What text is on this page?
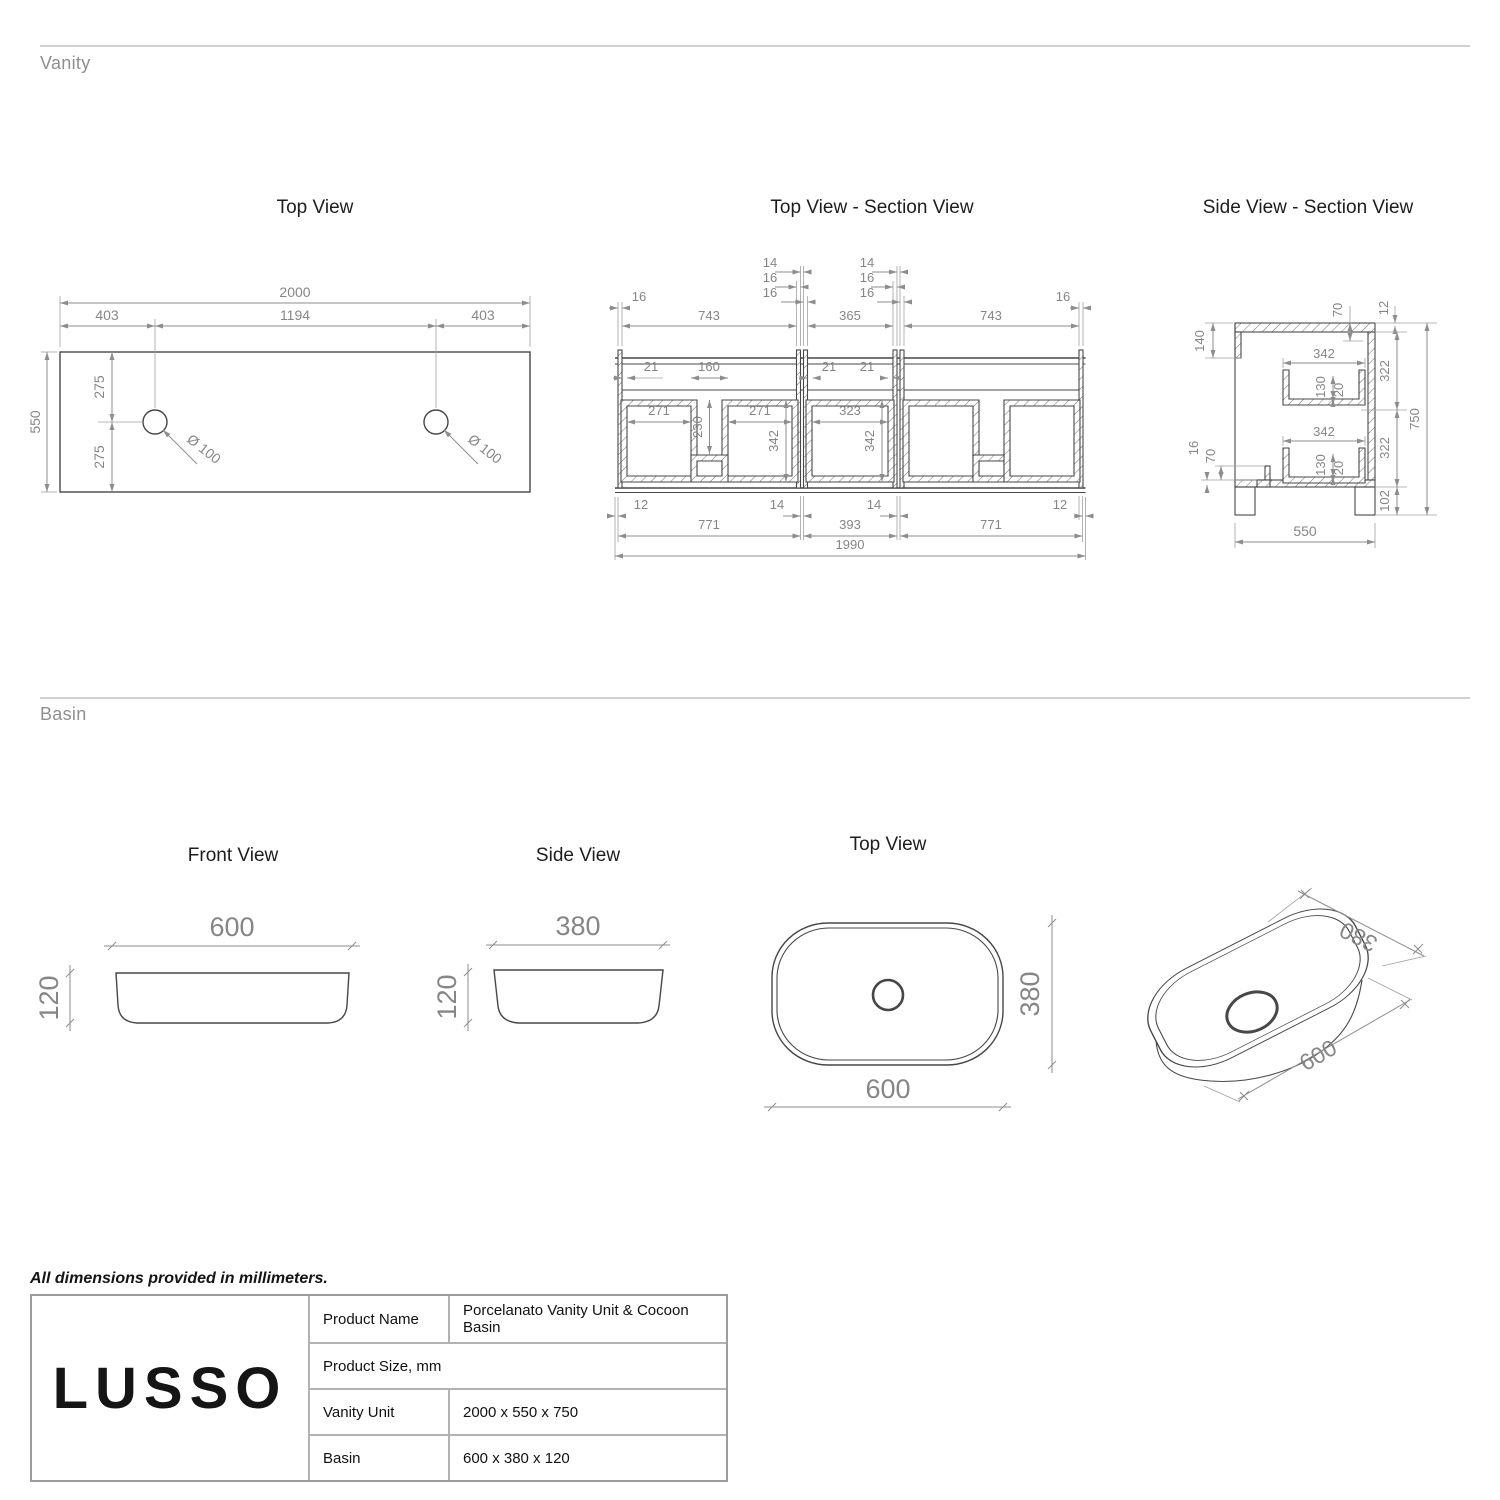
Vanity
Top View	Top View - Section View	Side View - Section View
2000
403	1194	403
550
275
275	Ø 100	Ø 100
14
16
16
14
16
16
16	16
743	365	743
21	160	21 21
271	271	323
230
342	342
12	14	14	12
771	393	771
1990
140
70 12
322
322
102
750
342
130 20
342
130 20
16
70
550
Basin
Front View	Side View
Top View
600
120
380
120	380
600
380
600
All dimensions provided in millimeters.
LUSSO
Product Name	Porcelanato Vanity Unit & Cocoon Basin
Product Size, mm
Vanity Unit	2000 x 550 x 750
Basin	600 x 380 x 120
